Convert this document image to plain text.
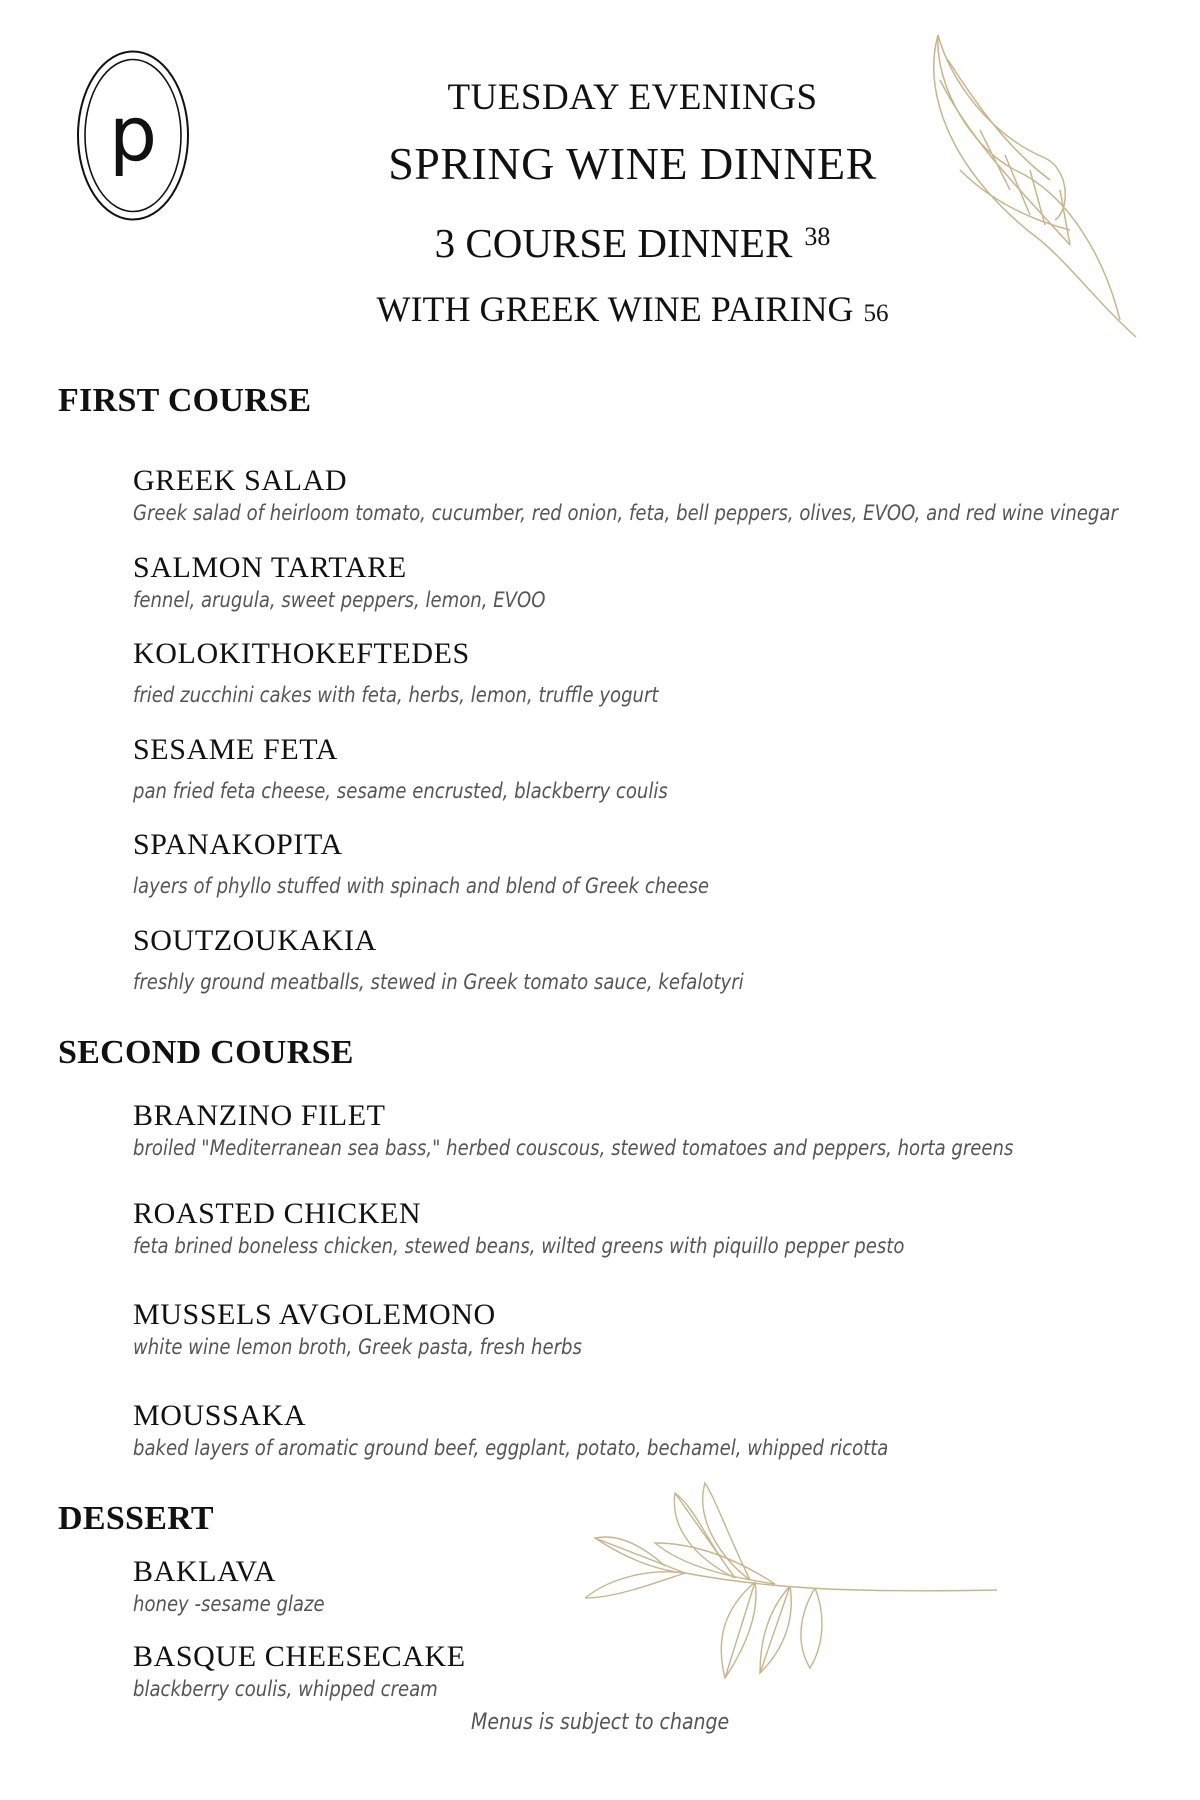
p	TUESDAY EVENINGS
SPRING WINE DINNER
3 COURSE DINNER $^{38}$
WITH GREEK WINE PAIRING 56
FIRST COURSE
GREEK SALAD
Greek salad of heirloom tomato, cucumber, red onion, feta, bell peppers, olives, EVOO, and red wine vinegar
SALMON TARTARE
fennel, arugula, sweet peppers, lemon, EVOO
KOLOKITHOKEFTEDES
fried zucchini cakes with feta, herbs, lemon, truffle yogurt
SESAME FETA
pan fried feta cheese, sesame encrusted, blackberry coulis
SPANAKOPITA
layers of phyllo stuffed with spinach and blend of Greek cheese
SOUTZOUKAKIA
freshly ground meatballs, stewed in Greek tomato sauce, kefalotyri
SECOND COURSE
BRANZINO FILET
broiled "Mediterranean sea bass," herbed couscous, stewed tomatoes and peppers, horta greens
ROASTED CHICKEN
feta brined boneless chicken, stewed beans, wilted greens with piquillo pepper pesto
MUSSELS AVGOLEMONO
white wine lemon broth, Greek pasta, fresh herbs
MOUSSAKA
baked layers of aromatic ground beef, eggplant, potato, bechamel, whipped ricotta
DESSERT
BAKLAVA
honey -sesame glaze
BASQUE CHEESECAKE
blackberry coulis, whipped cream
Menus is subject to change
